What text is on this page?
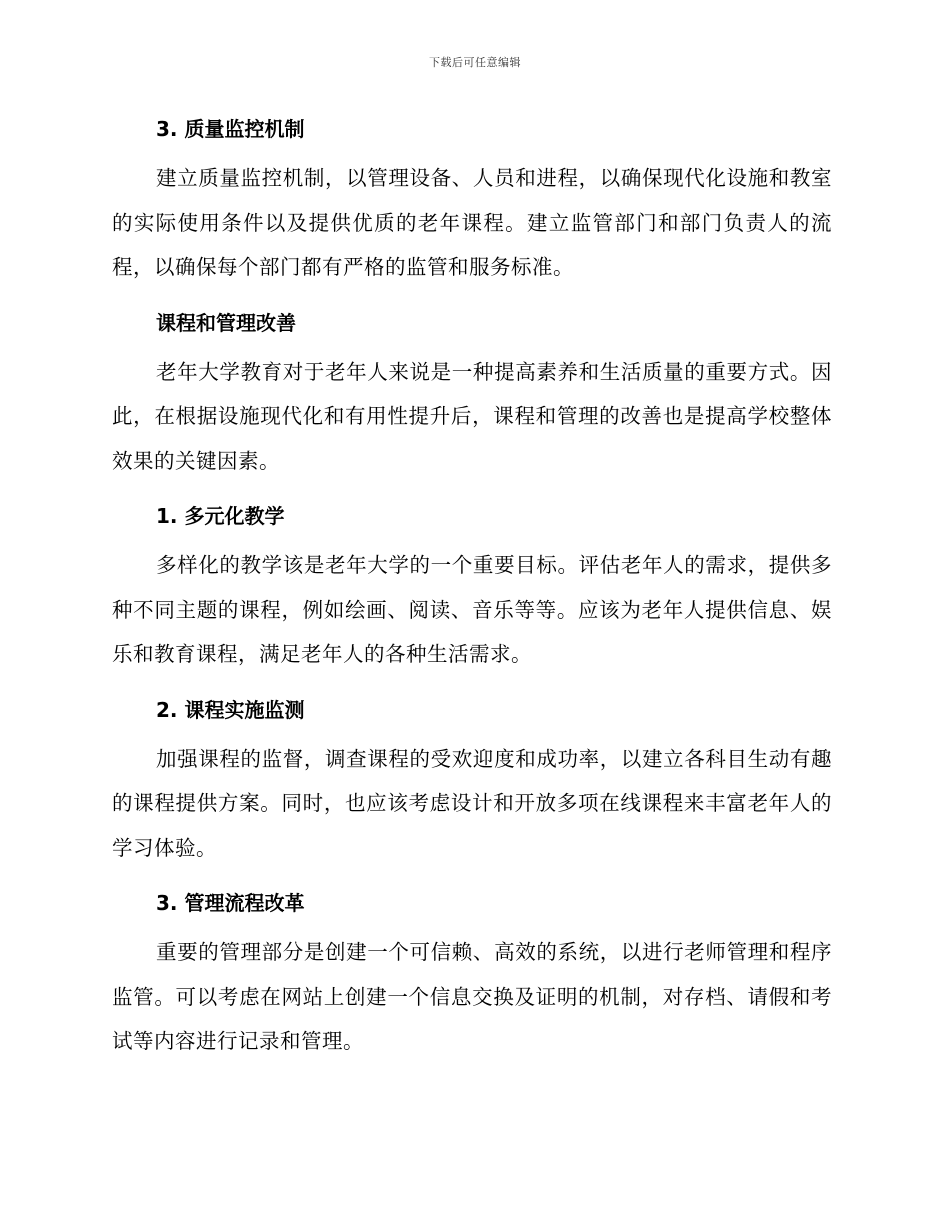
下载后可任意编辑
3. 质量监控机制

建立质量监控机制，以管理设备、人员和进程，以确保现代化设施和教室的实际使用条件以及提供优质的老年课程。建立监管部门和部门负责人的流程，以确保每个部门都有严格的监管和服务标准。

课程和管理改善

老年大学教育对于老年人来说是一种提高素养和生活质量的重要方式。因此，在根据设施现代化和有用性提升后，课程和管理的改善也是提高学校整体效果的关键因素。

1. 多元化教学

多样化的教学该是老年大学的一个重要目标。评估老年人的需求，提供多种不同主题的课程，例如绘画、阅读、音乐等等。应该为老年人提供信息、娱乐和教育课程，满足老年人的各种生活需求。

2. 课程实施监测

加强课程的监督，调查课程的受欢迎度和成功率，以建立各科目生动有趣的课程提供方案。同时，也应该考虑设计和开放多项在线课程来丰富老年人的学习体验。

3. 管理流程改革

重要的管理部分是创建一个可信赖、高效的系统，以进行老师管理和程序监管。可以考虑在网站上创建一个信息交换及证明的机制，对存档、请假和考试等内容进行记录和管理。
